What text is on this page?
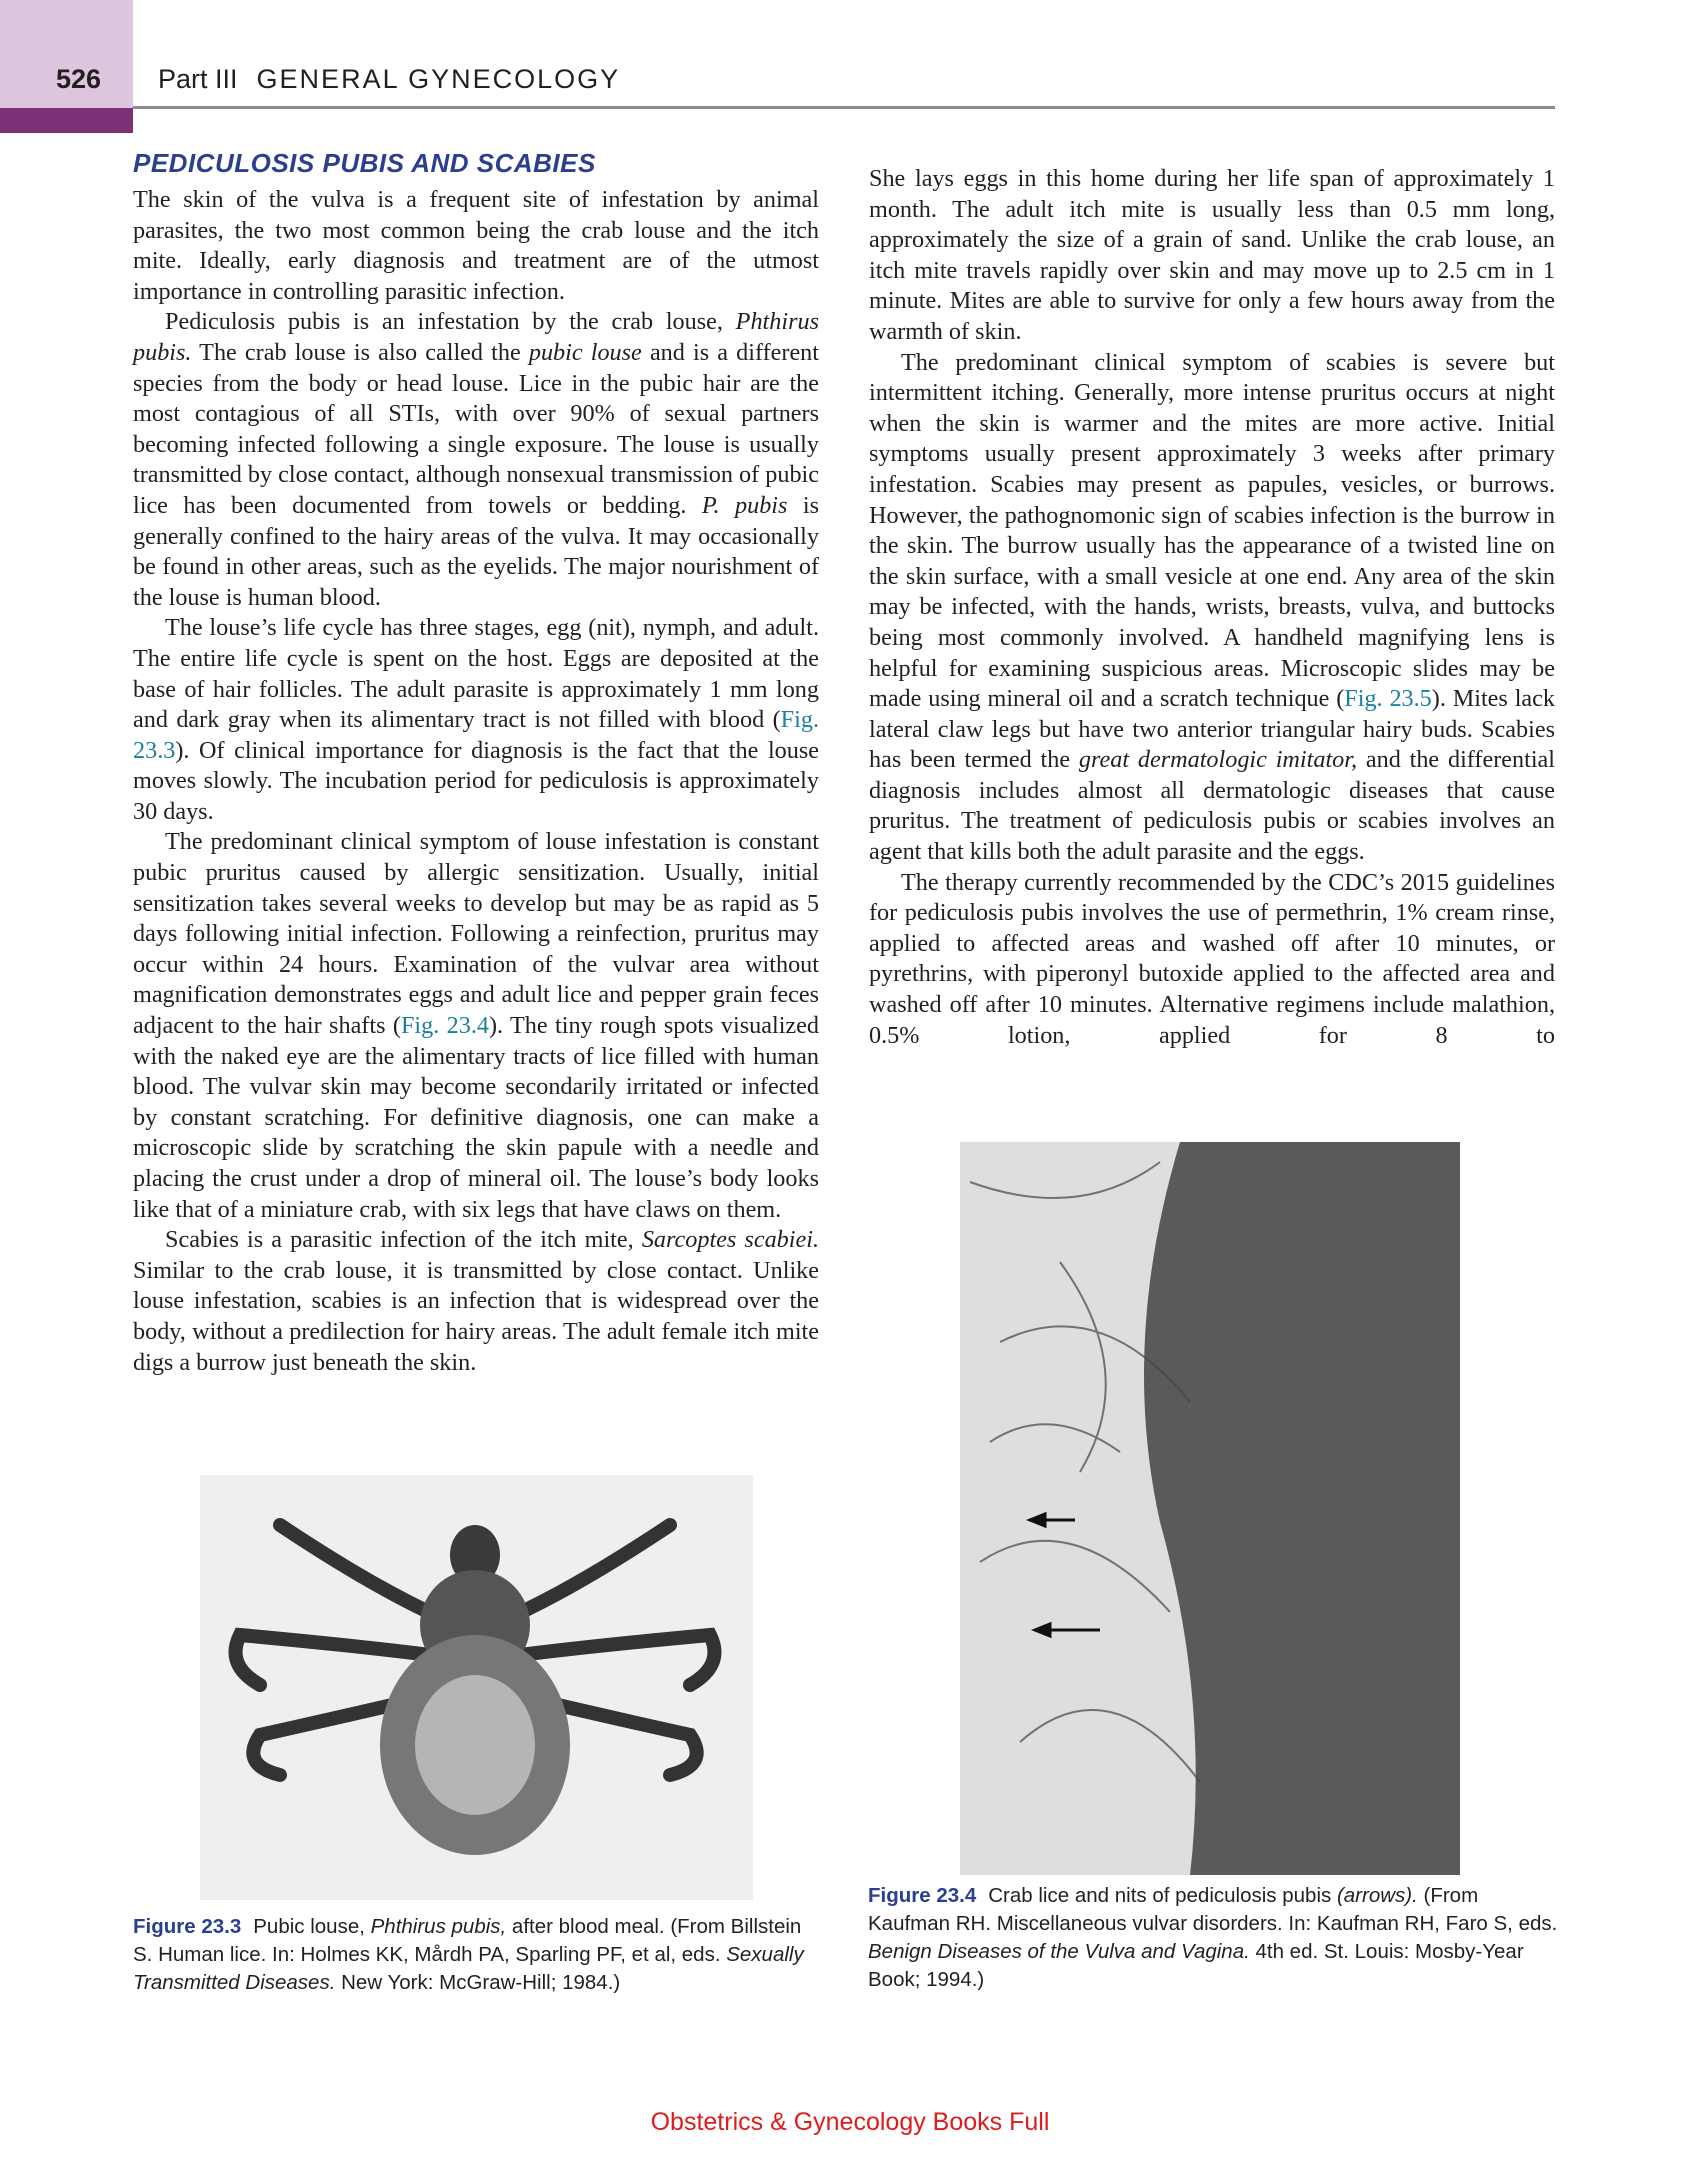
526 Part III GENERAL GYNECOLOGY
PEDICULOSIS PUBIS AND SCABIES

The skin of the vulva is a frequent site of infestation by animal parasites, the two most common being the crab louse and the itch mite. Ideally, early diagnosis and treatment are of the utmost importance in controlling parasitic infection.

Pediculosis pubis is an infestation by the crab louse, Phthirus pubis. The crab louse is also called the pubic louse and is a different species from the body or head louse. Lice in the pubic hair are the most contagious of all STIs, with over 90% of sexual partners becoming infected following a single exposure. The louse is usually transmitted by close contact, although nonsexual transmission of pubic lice has been documented from towels or bedding. P. pubis is generally confined to the hairy areas of the vulva. It may occasionally be found in other areas, such as the eyelids. The major nourishment of the louse is human blood.

The louse’s life cycle has three stages, egg (nit), nymph, and adult. The entire life cycle is spent on the host. Eggs are deposited at the base of hair follicles. The adult parasite is approximately 1 mm long and dark gray when its alimentary tract is not filled with blood (Fig. 23.3). Of clinical importance for diagnosis is the fact that the louse moves slowly. The incubation period for pediculosis is approximately 30 days.

The predominant clinical symptom of louse infestation is constant pubic pruritus caused by allergic sensitization. Usually, initial sensitization takes several weeks to develop but may be as rapid as 5 days following initial infection. Following a reinfection, pruritus may occur within 24 hours. Examination of the vulvar area without magnification demonstrates eggs and adult lice and pepper grain feces adjacent to the hair shafts (Fig. 23.4). The tiny rough spots visualized with the naked eye are the alimentary tracts of lice filled with human blood. The vulvar skin may become secondarily irritated or infected by constant scratching. For definitive diagnosis, one can make a microscopic slide by scratching the skin papule with a needle and placing the crust under a drop of mineral oil. The louse’s body looks like that of a miniature crab, with six legs that have claws on them.

Scabies is a parasitic infection of the itch mite, Sarcoptes scabiei. Similar to the crab louse, it is transmitted by close contact. Unlike louse infestation, scabies is an infection that is widespread over the body, without a predilection for hairy areas. The adult female itch mite digs a burrow just beneath the skin.

She lays eggs in this home during her life span of approximately 1 month. The adult itch mite is usually less than 0.5 mm long, approximately the size of a grain of sand. Unlike the crab louse, an itch mite travels rapidly over skin and may move up to 2.5 cm in 1 minute. Mites are able to survive for only a few hours away from the warmth of skin.

The predominant clinical symptom of scabies is severe but intermittent itching. Generally, more intense pruritus occurs at night when the skin is warmer and the mites are more active. Initial symptoms usually present approximately 3 weeks after primary infestation. Scabies may present as papules, vesicles, or burrows. However, the pathognomonic sign of scabies infection is the burrow in the skin. The burrow usually has the appearance of a twisted line on the skin surface, with a small vesicle at one end. Any area of the skin may be infected, with the hands, wrists, breasts, vulva, and buttocks being most commonly involved. A handheld magnifying lens is helpful for examining suspicious areas. Microscopic slides may be made using mineral oil and a scratch technique (Fig. 23.5). Mites lack lateral claw legs but have two anterior triangular hairy buds. Scabies has been termed the great dermatologic imitator, and the differential diagnosis includes almost all dermatologic diseases that cause pruritus. The treatment of pediculosis pubis or scabies involves an agent that kills both the adult parasite and the eggs.

The therapy currently recommended by the CDC’s 2015 guidelines for pediculosis pubis involves the use of permethrin, 1% cream rinse, applied to affected areas and washed off after 10 minutes, or pyrethrins, with piperonyl butoxide applied to the affected area and washed off after 10 minutes. Alternative regimens include malathion, 0.5% lotion, applied for 8 to

Figure 23.3 Pubic louse, Phthirus pubis, after blood meal. (From Billstein S. Human lice. In: Holmes KK, Mårdh PA, Sparling PF, et al, eds. Sexually Transmitted Diseases. New York: McGraw-Hill; 1984.)
Figure 23.4 Crab lice and nits of pediculosis pubis (arrows). (From Kaufman RH. Miscellaneous vulvar disorders. In: Kaufman RH, Faro S, eds. Benign Diseases of the Vulva and Vagina. 4th ed. St. Louis: Mosby-Year Book; 1994.)
Obstetrics & Gynecology Books Full
